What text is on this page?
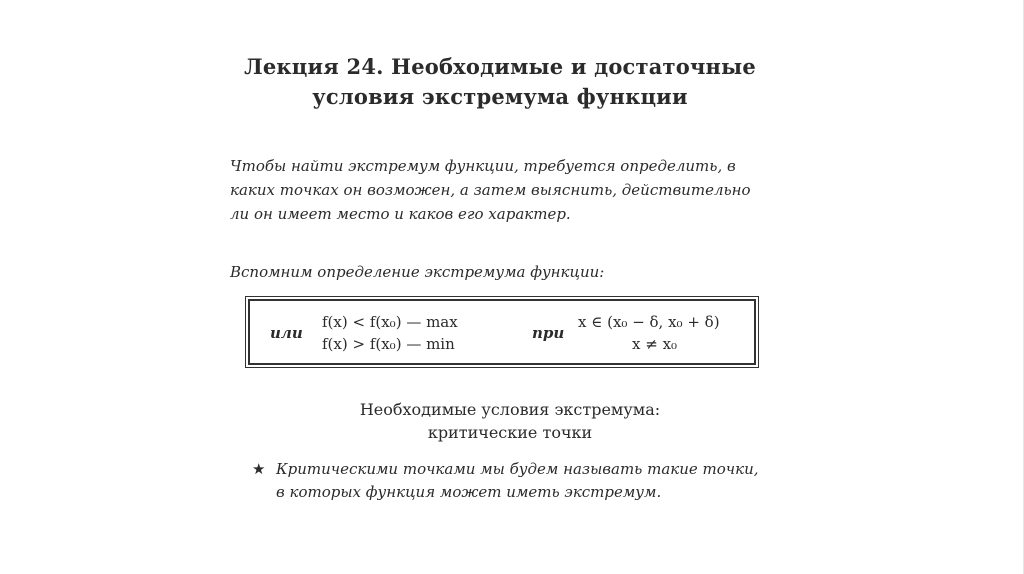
Лекция 24. Необходимые и достаточные
условия экстремума функции
Чтобы найти экстремум функции, требуется определить, в
каких точках он возможен, а затем выяснить, действительно
ли он имеет место и каков его характер.
Вспомним определение экстремума функции:
или
f(x) < f(x₀) — max
f(x) > f(x₀) — min
при
x ∈ (x₀ − δ, x₀ + δ)
x ≠ x₀
Необходимые условия экстремума:
критические точки
★ Критическими точками мы будем называть такие точки,
в которых функция может иметь экстремум.
